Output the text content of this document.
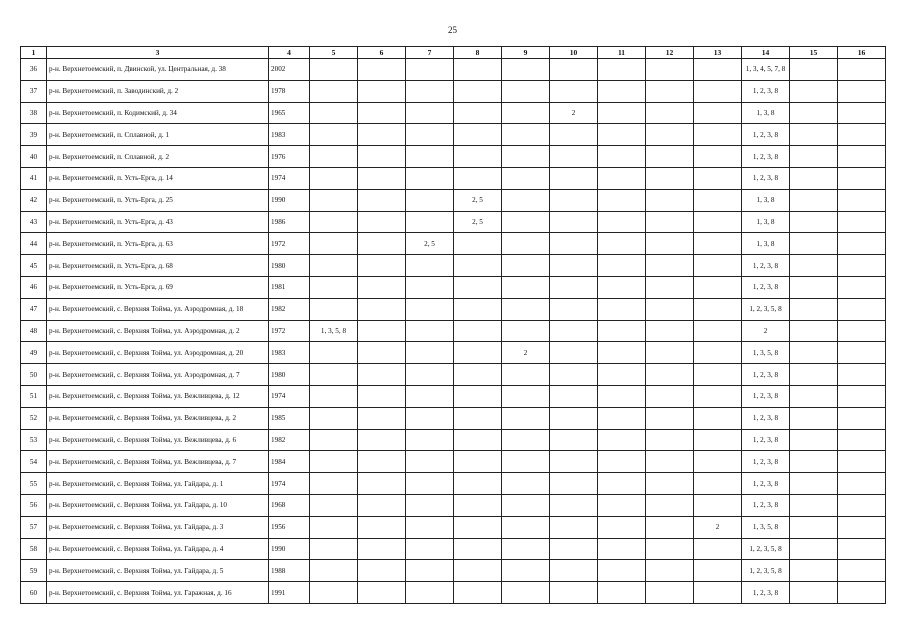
25
1	3	4	5	6	7	8	9	10	11	12	13	14	15	16
36	р-н. Верхнетоемский, п. Двинской, ул. Центральная, д. 38	2002										1, 3, 4, 5, 7, 8		
37	р-н. Верхнетоемский, п. Заводинский, д. 2	1978										1, 2, 3, 8		
38	р-н. Верхнетоемский, п. Кодимский, д. 34	1965						2				1, 3, 8		
39	р-н. Верхнетоемский, п. Сплавной, д. 1	1983										1, 2, 3, 8		
40	р-н. Верхнетоемский, п. Сплавной, д. 2	1976										1, 2, 3, 8		
41	р-н. Верхнетоемский, п. Усть-Ерга, д. 14	1974										1, 2, 3, 8		
42	р-н. Верхнетоемский, п. Усть-Ерга, д. 25	1990				2, 5						1, 3, 8		
43	р-н. Верхнетоемский, п. Усть-Ерга, д. 43	1986				2, 5						1, 3, 8		
44	р-н. Верхнетоемский, п. Усть-Ерга, д. 63	1972			2, 5							1, 3, 8		
45	р-н. Верхнетоемский, п. Усть-Ерга, д. 68	1980										1, 2, 3, 8		
46	р-н. Верхнетоемский, п. Усть-Ерга, д. 69	1981										1, 2, 3, 8		
47	р-н. Верхнетоемский, с. Верхняя Тойма, ул. Аэродромная, д. 18	1982										1, 2, 3, 5, 8		
48	р-н. Верхнетоемский, с. Верхняя Тойма, ул. Аэродромная, д. 2	1972	1, 3, 5, 8									2		
49	р-н. Верхнетоемский, с. Верхняя Тойма, ул. Аэродромная, д. 20	1983					2					1, 3, 5, 8		
50	р-н. Верхнетоемский, с. Верхняя Тойма, ул. Аэродромная, д. 7	1980										1, 2, 3, 8		
51	р-н. Верхнетоемский, с. Верхняя Тойма, ул. Вежливцева, д. 12	1974										1, 2, 3, 8		
52	р-н. Верхнетоемский, с. Верхняя Тойма, ул. Вежливцева, д. 2	1985										1, 2, 3, 8		
53	р-н. Верхнетоемский, с. Верхняя Тойма, ул. Вежливцева, д. 6	1982										1, 2, 3, 8		
54	р-н. Верхнетоемский, с. Верхняя Тойма, ул. Вежливцева, д. 7	1984										1, 2, 3, 8		
55	р-н. Верхнетоемский, с. Верхняя Тойма, ул. Гайдара, д. 1	1974										1, 2, 3, 8		
56	р-н. Верхнетоемский, с. Верхняя Тойма, ул. Гайдара, д. 10	1968										1, 2, 3, 8		
57	р-н. Верхнетоемский, с. Верхняя Тойма, ул. Гайдара, д. 3	1956									2	1, 3, 5, 8		
58	р-н. Верхнетоемский, с. Верхняя Тойма, ул. Гайдара, д. 4	1990										1, 2, 3, 5, 8		
59	р-н. Верхнетоемский, с. Верхняя Тойма, ул. Гайдара, д. 5	1988										1, 2, 3, 5, 8		
60	р-н. Верхнетоемский, с. Верхняя Тойма, ул. Гаражная, д. 16	1991										1, 2, 3, 8		
